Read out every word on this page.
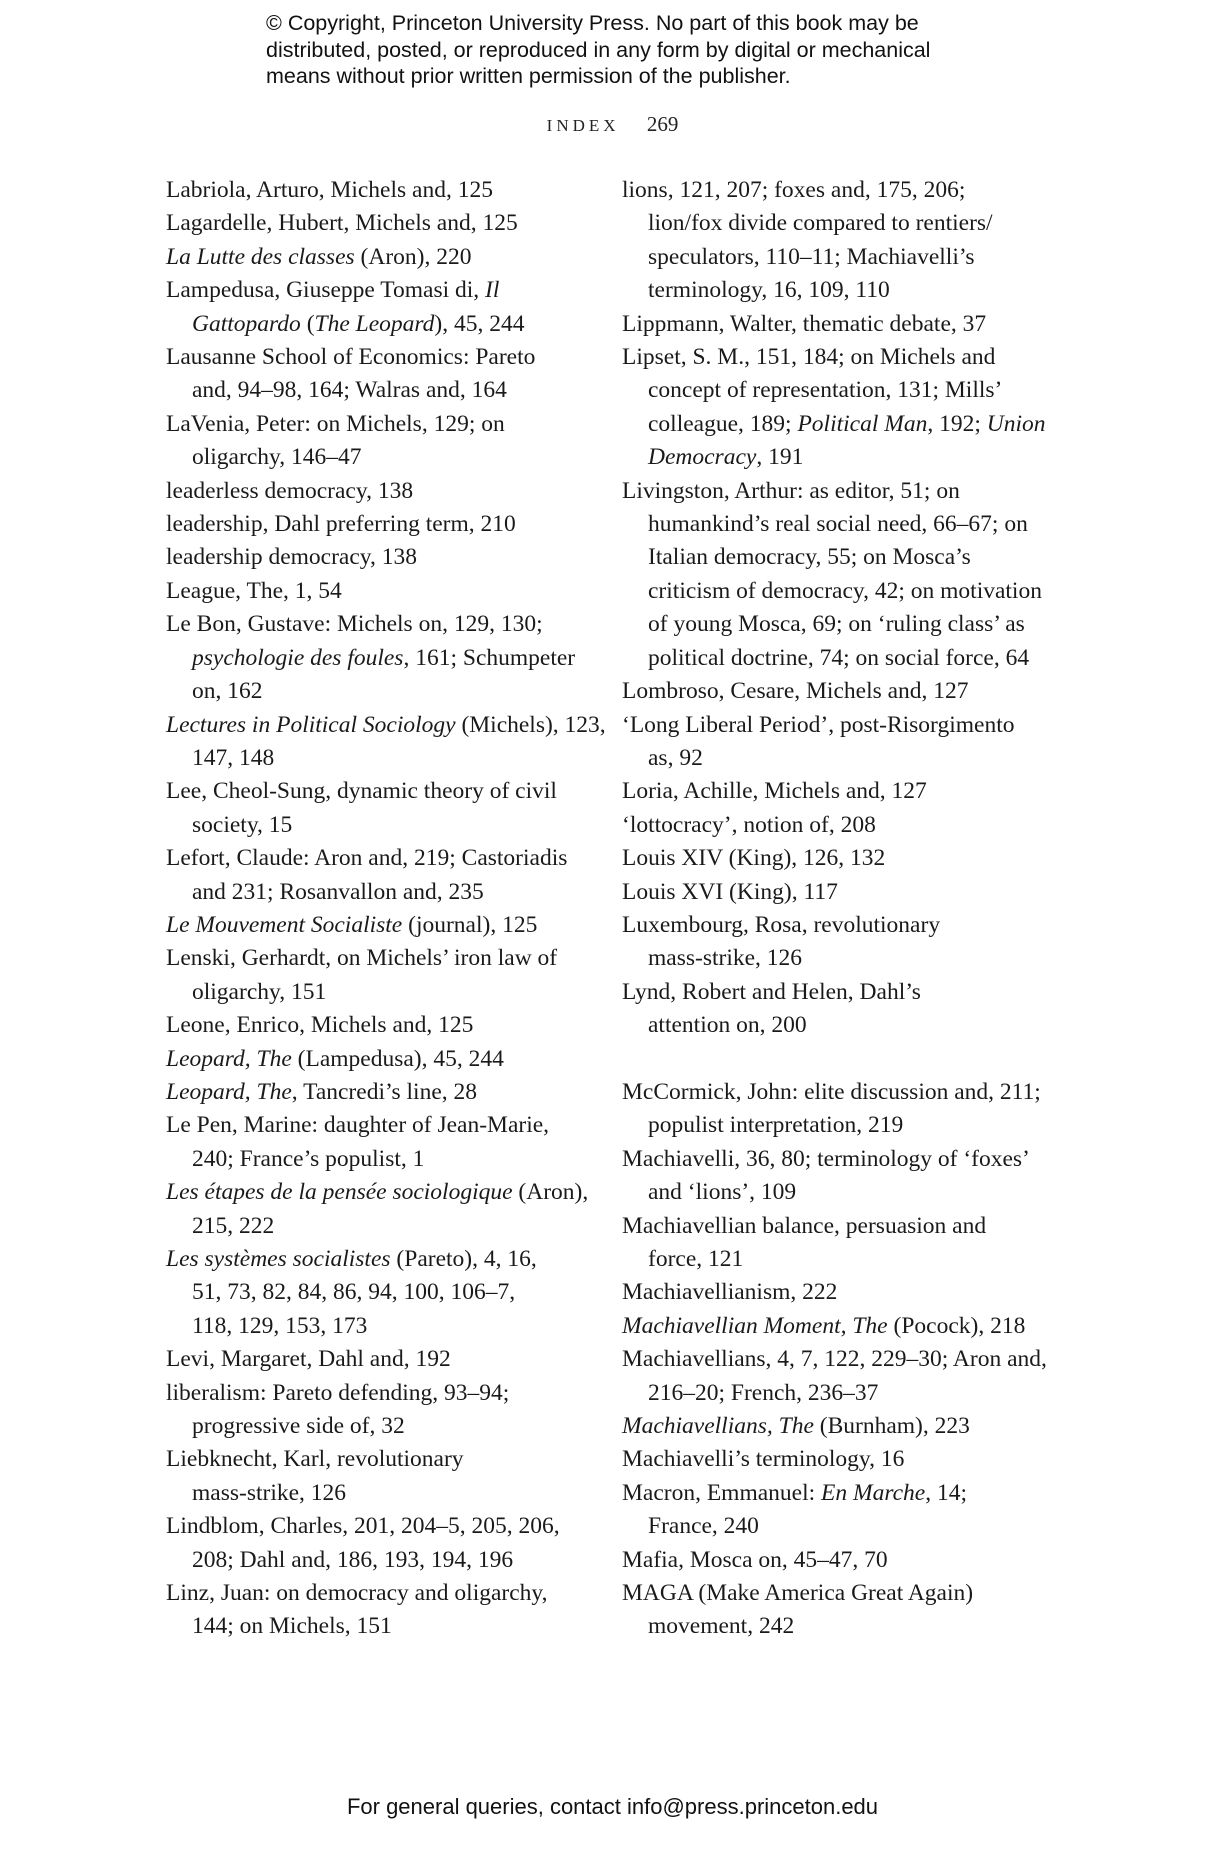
© Copyright, Princeton University Press. No part of this book may be
distributed, posted, or reproduced in any form by digital or mechanical
means without prior written permission of the publisher.
INDEX 269
Labriola, Arturo, Michels and, 125
Lagardelle, Hubert, Michels and, 125
La Lutte des classes (Aron), 220
Lampedusa, Giuseppe Tomasi di, Il
Gattopardo (The Leopard), 45, 244
Lausanne School of Economics: Pareto
and, 94–98, 164; Walras and, 164
LaVenia, Peter: on Michels, 129; on
oligarchy, 146–47
leaderless democracy, 138
leadership, Dahl preferring term, 210
leadership democracy, 138
League, The, 1, 54
Le Bon, Gustave: Michels on, 129, 130;
psychologie des foules, 161; Schumpeter
on, 162
Lectures in Political Sociology (Michels), 123,
147, 148
Lee, Cheol-Sung, dynamic theory of civil
society, 15
Lefort, Claude: Aron and, 219; Castoriadis
and 231; Rosanvallon and, 235
Le Mouvement Socialiste (journal), 125
Lenski, Gerhardt, on Michels’ iron law of
oligarchy, 151
Leone, Enrico, Michels and, 125
Leopard, The (Lampedusa), 45, 244
Leopard, The, Tancredi’s line, 28
Le Pen, Marine: daughter of Jean-Marie,
240; France’s populist, 1
Les étapes de la pensée sociologique (Aron),
215, 222
Les systèmes socialistes (Pareto), 4, 16,
51, 73, 82, 84, 86, 94, 100, 106–7,
118, 129, 153, 173
Levi, Margaret, Dahl and, 192
liberalism: Pareto defending, 93–94;
progressive side of, 32
Liebknecht, Karl, revolutionary
mass-strike, 126
Lindblom, Charles, 201, 204–5, 205, 206,
208; Dahl and, 186, 193, 194, 196
Linz, Juan: on democracy and oligarchy,
144; on Michels, 151
lions, 121, 207; foxes and, 175, 206;
lion/fox divide compared to rentiers/
speculators, 110–11; Machiavelli’s
terminology, 16, 109, 110
Lippmann, Walter, thematic debate, 37
Lipset, S. M., 151, 184; on Michels and
concept of representation, 131; Mills’
colleague, 189; Political Man, 192; Union
Democracy, 191
Livingston, Arthur: as editor, 51; on
humankind’s real social need, 66–67; on
Italian democracy, 55; on Mosca’s
criticism of democracy, 42; on motivation
of young Mosca, 69; on ‘ruling class’ as
political doctrine, 74; on social force, 64
Lombroso, Cesare, Michels and, 127
‘Long Liberal Period’, post-Risorgimento
as, 92
Loria, Achille, Michels and, 127
‘lottocracy’, notion of, 208
Louis XIV (King), 126, 132
Louis XVI (King), 117
Luxembourg, Rosa, revolutionary
mass-strike, 126
Lynd, Robert and Helen, Dahl’s
attention on, 200
McCormick, John: elite discussion and, 211;
populist interpretation, 219
Machiavelli, 36, 80; terminology of ‘foxes’
and ‘lions’, 109
Machiavellian balance, persuasion and
force, 121
Machiavellianism, 222
Machiavellian Moment, The (Pocock), 218
Machiavellians, 4, 7, 122, 229–30; Aron and,
216–20; French, 236–37
Machiavellians, The (Burnham), 223
Machiavelli’s terminology, 16
Macron, Emmanuel: En Marche, 14;
France, 240
Mafia, Mosca on, 45–47, 70
MAGA (Make America Great Again)
movement, 242
For general queries, contact info@press.princeton.edu
